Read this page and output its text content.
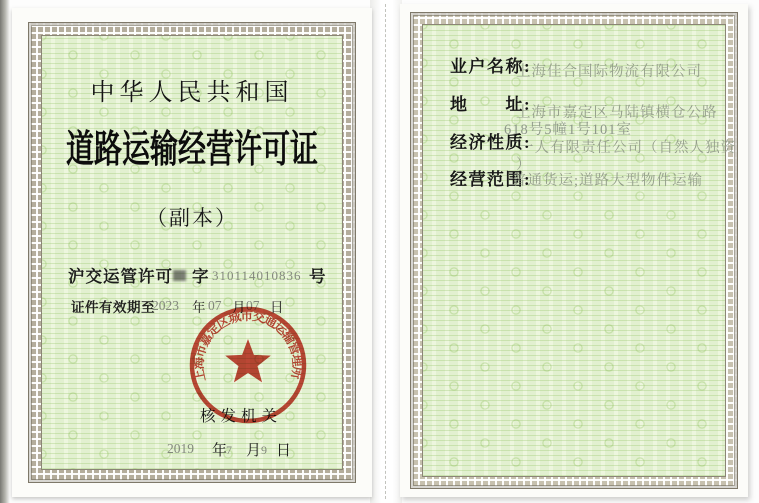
中华人民共和国
道路运输经营许可证
（副本）
沪交运管许可 字 310114010836 号
证件有效期至
2023 年 07 月 07 日
核发机关
2019 年
7 月 9 日
上海市嘉定区城市交通运输管理所
业户名称:
上海佳合国际物流有限公司
地　　址:
上海市嘉定区马陆镇横仓公路
618号5幢1号101室
经济性质:
一人有限责任公司（自然人独资
）
经营范围:
普通货运;道路大型物件运输
